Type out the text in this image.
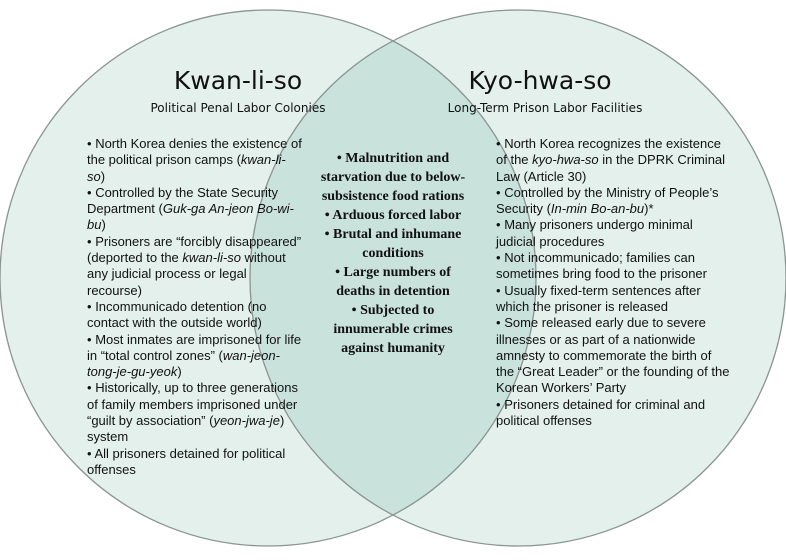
Kwan-li-so
Political Penal Labor Colonies
Kyo-hwa-so
Long-Term Prison Labor Facilities
• North Korea denies the existence of the political prison camps (kwan-li-so)
• Controlled by the State Security Department (Guk-ga An-jeon Bo-wi-bu)
• Prisoners are “forcibly disappeared” (deported to the kwan-li-so without any judicial process or legal recourse)
• Incommunicado detention (no contact with the outside world)
• Most inmates are imprisoned for life in “total control zones” (wan-jeon-tong-je-gu-yeok)
• Historically, up to three generations of family members imprisoned under “guilt by association” (yeon-jwa-je) system
• All prisoners detained for political offenses
• Malnutrition and starvation due to below-subsistence food rations
• Arduous forced labor
• Brutal and inhumane conditions
• Large numbers of deaths in detention
• Subjected to innumerable crimes against humanity
• North Korea recognizes the existence of the kyo-hwa-so in the DPRK Criminal Law (Article 30)
• Controlled by the Ministry of People’s Security (In-min Bo-an-bu)*
• Many prisoners undergo minimal judicial procedures
• Not incommunicado; families can sometimes bring food to the prisoner
• Usually fixed-term sentences after which the prisoner is released
• Some released early due to severe illnesses or as part of a nationwide amnesty to commemorate the birth of the “Great Leader” or the founding of the Korean Workers’ Party
• Prisoners detained for criminal and political offenses
